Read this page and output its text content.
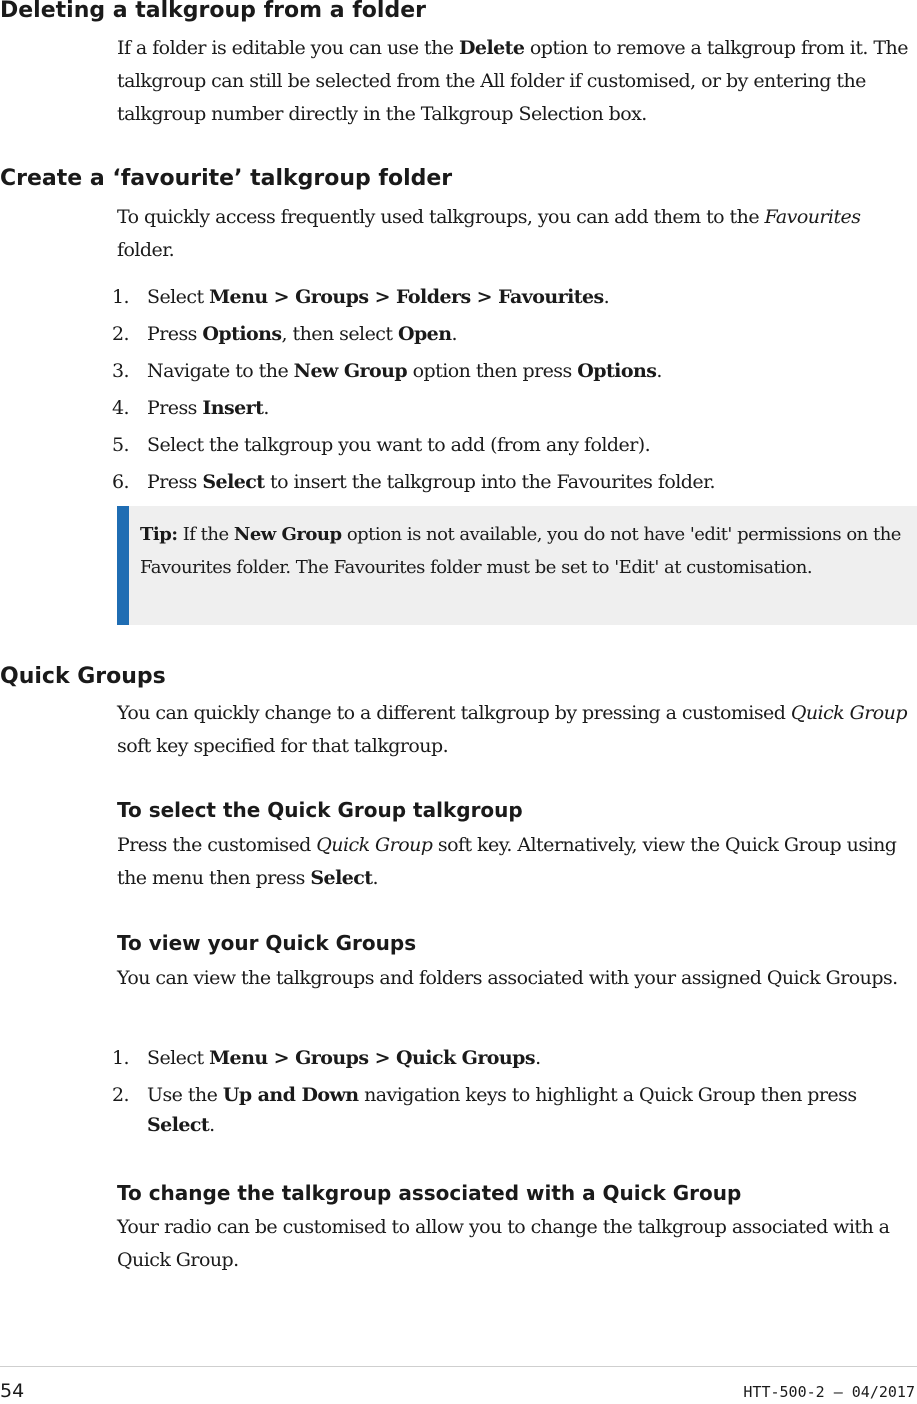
Deleting a talkgroup from a folder

If a folder is editable you can use the Delete option to remove a talkgroup from it. The talkgroup can still be selected from the All folder if customised, or by entering the talkgroup number directly in the Talkgroup Selection box.

Create a ‘favourite’ talkgroup folder

To quickly access frequently used talkgroups, you can add them to the Favourites folder.

1. Select Menu > Groups > Folders > Favourites.
2. Press Options, then select Open.
3. Navigate to the New Group option then press Options.
4. Press Insert.
5. Select the talkgroup you want to add (from any folder).
6. Press Select to insert the talkgroup into the Favourites folder.

Tip: If the New Group option is not available, you do not have 'edit' permissions on the Favourites folder. The Favourites folder must be set to 'Edit' at customisation.

Quick Groups

You can quickly change to a different talkgroup by pressing a customised Quick Group soft key specified for that talkgroup.

To select the Quick Group talkgroup

Press the customised Quick Group soft key. Alternatively, view the Quick Group using the menu then press Select.

To view your Quick Groups

You can view the talkgroups and folders associated with your assigned Quick Groups.

1. Select Menu > Groups > Quick Groups.
2. Use the Up and Down navigation keys to highlight a Quick Group then press Select.
To change the talkgroup associated with a Quick Group

Your radio can be customised to allow you to change the talkgroup associated with a Quick Group.

54	HTT-500-2 – 04/2017
